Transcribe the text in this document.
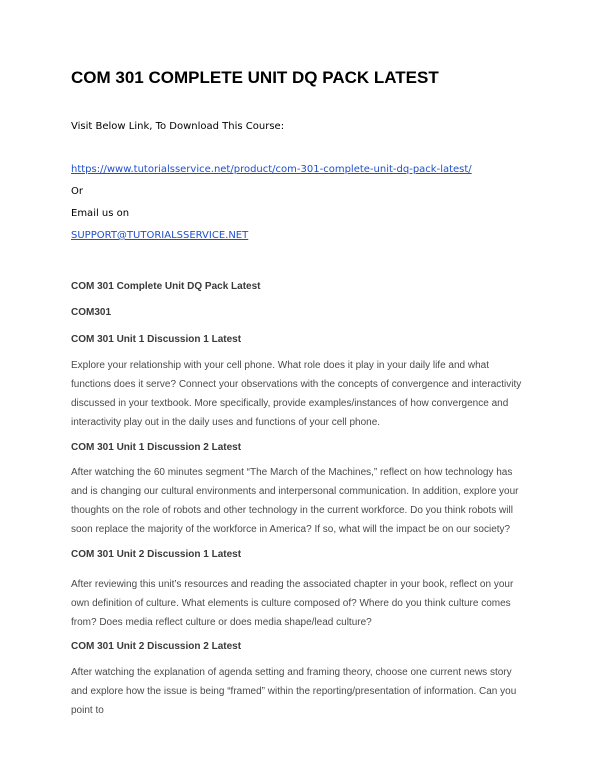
COM 301 COMPLETE UNIT DQ PACK LATEST

Visit Below Link, To Download This Course:

https://www.tutorialsservice.net/product/com-301-complete-unit-dq-pack-latest/

Or

Email us on

SUPPORT@TUTORIALSSERVICE.NET

COM 301 Complete Unit DQ Pack Latest

COM301

COM 301 Unit 1 Discussion 1 Latest

Explore your relationship with your cell phone. What role does it play in your daily life and what functions does it serve? Connect your observations with the concepts of convergence and interactivity discussed in your textbook. More specifically, provide examples/instances of how convergence and interactivity play out in the daily uses and functions of your cell phone.

COM 301 Unit 1 Discussion 2 Latest

After watching the 60 minutes segment “The March of the Machines,” reflect on how technology has and is changing our cultural environments and interpersonal communication. In addition, explore your thoughts on the role of robots and other technology in the current workforce. Do you think robots will soon replace the majority of the workforce in America? If so, what will the impact be on our society?

COM 301 Unit 2 Discussion 1 Latest

After reviewing this unit’s resources and reading the associated chapter in your book, reflect on your own definition of culture. What elements is culture composed of? Where do you think culture comes from? Does media reflect culture or does media shape/lead culture?

COM 301 Unit 2 Discussion 2 Latest

After watching the explanation of agenda setting and framing theory, choose one current news story and explore how the issue is being “framed” within the reporting/presentation of information. Can you point to
